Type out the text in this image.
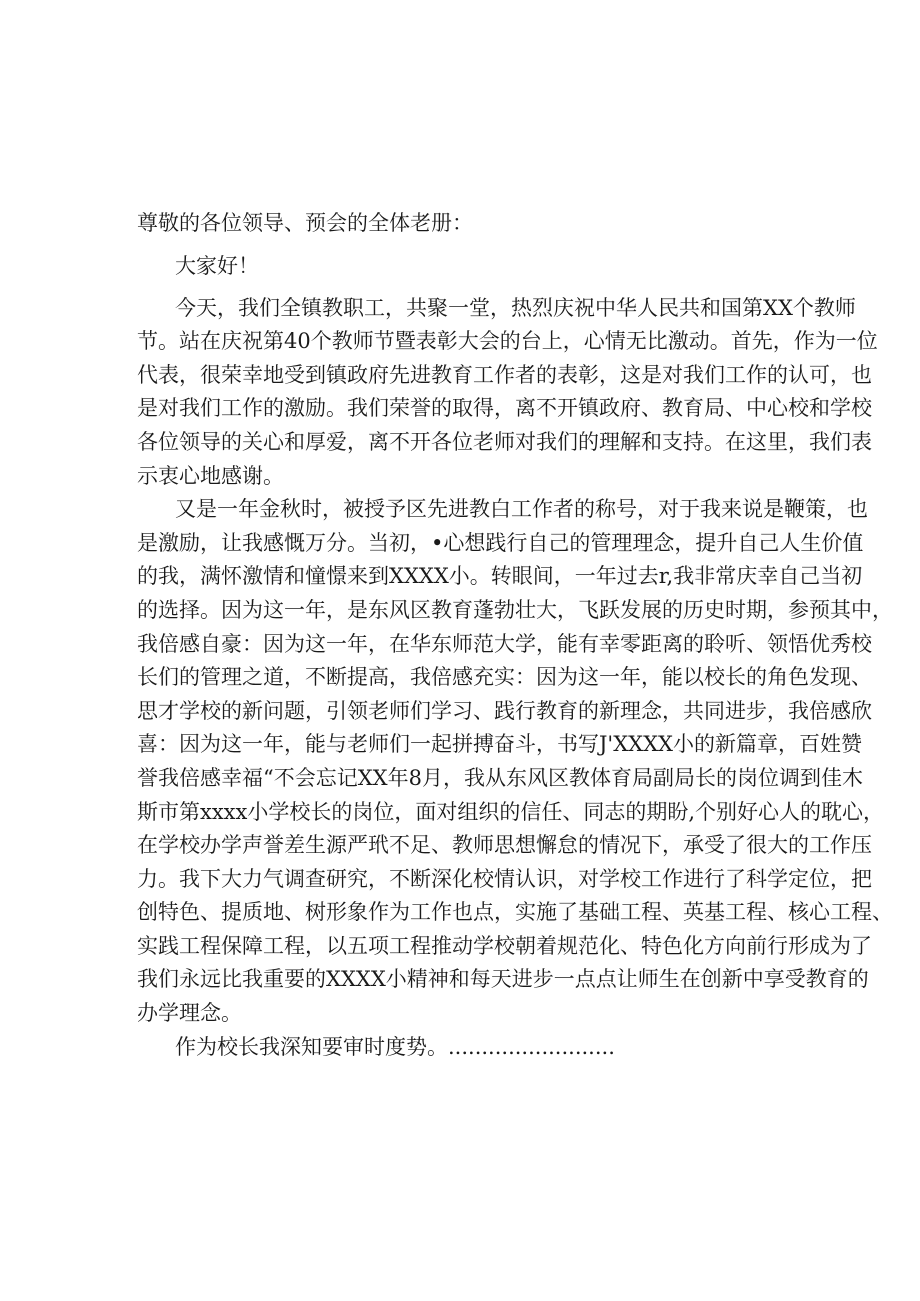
尊敬的各位领导、预会的全体老册：
大家好！
今天，我们全镇教职工，共聚一堂，热烈庆祝中华人民共和国第XX个教师
节。站在庆祝第40个教师节暨表彰大会的台上，心情无比激动。首先，作为一位
代表，很荣幸地受到镇政府先进教育工作者的表彰，这是对我们工作的认可，也
是对我们工作的激励。我们荣誉的取得，离不开镇政府、教育局、中心校和学校
各位领导的关心和厚爱，离不开各位老师对我们的理解和支持。在这里，我们表
示衷心地感谢。
又是一年金秋时，被授予区先进教白工作者的称号，对于我来说是鞭策，也
是激励，让我感慨万分。当初，•心想践行自己的管理理念，提升自己人生价值
的我，满怀激情和憧憬来到XXXX小。转眼间，一年过去r,我非常庆幸自己当初
的选择。因为这一年，是东风区教育蓬勃壮大，飞跃发展的历史时期，参预其中，
我倍感自豪：因为这一年，在华东师范大学，能有幸零距离的聆听、领悟优秀校
长们的管理之道，不断提高，我倍感充实：因为这一年，能以校长的角色发现、
思才学校的新问题，引领老师们学习、践行教育的新理念，共同进步，我倍感欣
喜：因为这一年，能与老师们一起拼搏奋斗，书写J'XXXX小的新篇章，百姓赞
誉我倍感幸福“不会忘记XX年8月，我从东风区教体育局副局长的岗位调到佳木
斯市第xxxx小学校长的岗位，面对组织的信任、同志的期盼,个别好心人的耽心，
在学校办学声誉差生源严玳不足、教师思想懈怠的情况下，承受了很大的工作压
力。我下大力气调查研究，不断深化校情认识，对学校工作进行了科学定位，把
创特色、提质地、树形象作为工作也点，实施了基础工程、英基工程、核心工程、
实践工程保障工程，以五项工程推动学校朝着规范化、特色化方向前行形成为了
我们永远比我重要的XXXX小精神和每天进步一点点让师生在创新中享受教育的
办学理念。
作为校长我深知要审时度势。.........................
